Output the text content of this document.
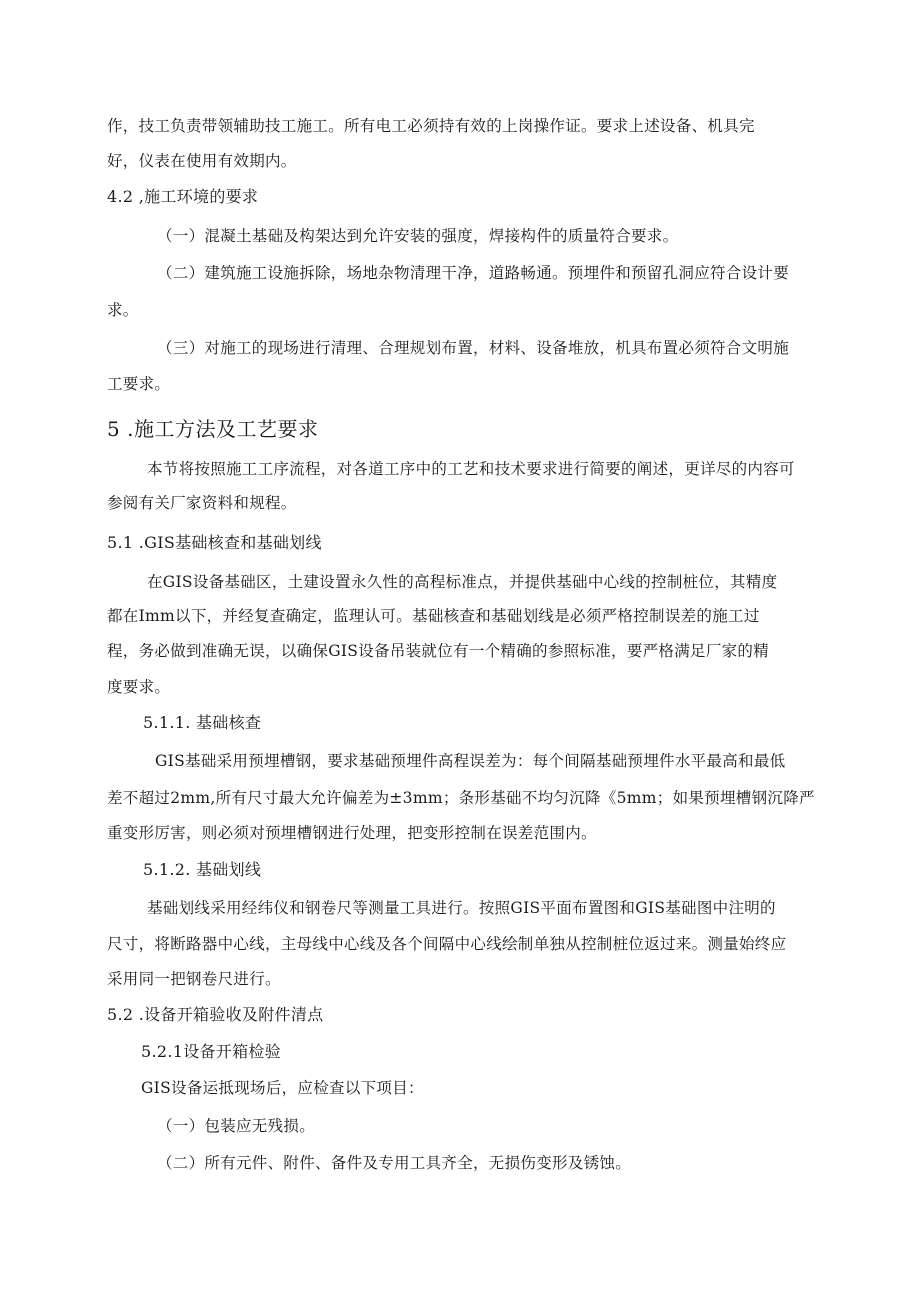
作，技工负责带领辅助技工施工。所有电工必须持有效的上岗操作证。要求上述设备、机具完
好，仪表在使用有效期内。
4.2 ,施工环境的要求
（一）混凝土基础及构架达到允许安装的强度，焊接构件的质量符合要求。
（二）建筑施工设施拆除，场地杂物清理干净，道路畅通。预埋件和预留孔洞应符合设计要
求。
（三）对施工的现场进行清理、合理规划布置，材料、设备堆放，机具布置必须符合文明施
工要求。
5 .施工方法及工艺要求
本节将按照施工工序流程，对各道工序中的工艺和技术要求进行简要的阐述，更详尽的内容可
参阅有关厂家资料和规程。
5.1 .GIS基础核查和基础划线
在GIS设备基础区，土建设置永久性的高程标准点，并提供基础中心线的控制桩位，其精度
都在Imm以下，并经复查确定，监理认可。基础核查和基础划线是必须严格控制误差的施工过
程，务必做到准确无误，以确保GIS设备吊装就位有一个精确的参照标准，要严格满足厂家的精
度要求。
5.1.1. 基础核查
GIS基础采用预埋槽钢，要求基础预埋件高程误差为：每个间隔基础预埋件水平最高和最低
差不超过2mm,所有尺寸最大允许偏差为±3mm；条形基础不均匀沉降《5mm；如果预埋槽钢沉降严
重变形厉害，则必须对预埋槽钢进行处理，把变形控制在误差范围内。
5.1.2. 基础划线
基础划线采用经纬仪和钢卷尺等测量工具进行。按照GIS平面布置图和GIS基础图中注明的
尺寸，将断路器中心线，主母线中心线及各个间隔中心线绘制单独从控制桩位返过来。测量始终应
采用同一把钢卷尺进行。
5.2 .设备开箱验收及附件清点
5.2.1设备开箱检验
GIS设备运抵现场后，应检查以下项目：
（一）包装应无残损。
（二）所有元件、附件、备件及专用工具齐全，无损伤变形及锈蚀。
